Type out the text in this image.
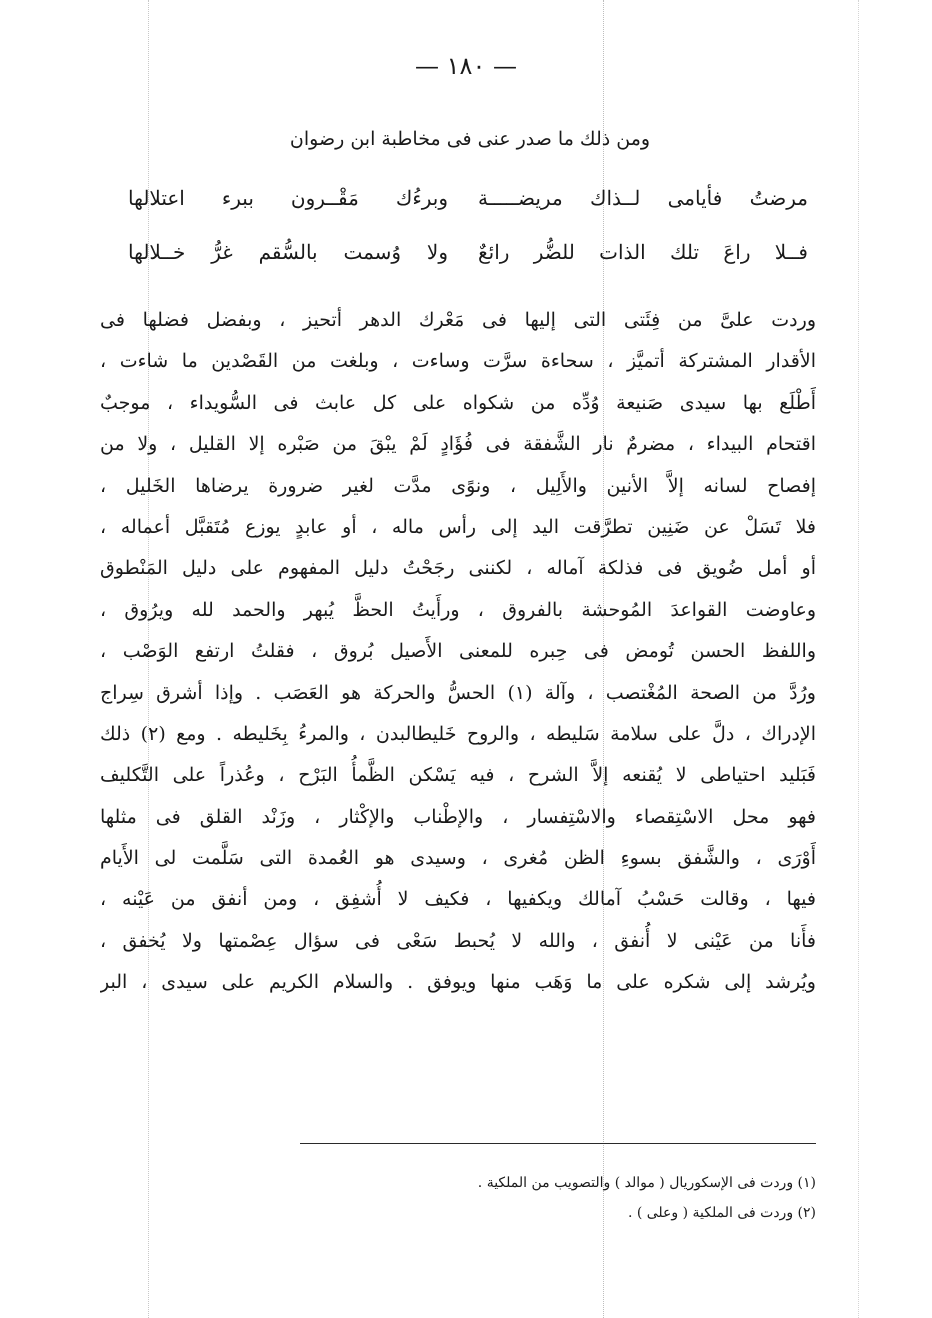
— ١٨٠ —
ومن ذلك ما صدر عنى فى مخاطبة ابن رضوان
مرضتُ فأيامى لــذاك مريضـــــة
وبرءُك مَقْــرون ببرء اعتلالها
فــلا راعَ تلك الذات للضُّر رائعٌ
ولا وُسمت بالسُّقم غرُّ خــلالها
وردت علىَّ من فِئَتى التى إليها فى مَعْرك الدهر أتحيز ، وبفضل فضلها فى
الأقدار المشتركة أتميَّز ، سحاءة سرَّت وساءت ، وبلغت من القَصْدين ما شاءت ،
أَطْلَع بها سيدى صَنيعة وُدِّه من شكواه على كل عابث فى السُّويداء ، موجبٌ
اقتحام البيداء ، مضرمٌ نار الشَّفقة فى فُؤَادٍ لَمْ يبْقَ من صَبْره إلا القليل ، ولا من
إفصاح لسانه إلاَّ الأنين والأَلِيل ، ونوًى مدَّت لغير ضرورة يرضاها الخَليل ،
فلا تَسَلْ عن ضَنِين تطرَّقت اليد إلى رأس ماله ، أو عابدٍ يوزع مُتَقبَّل أعماله ،
أو أمل ضُويق فى فذلكة آماله ، لكننى رجَحْتُ دليل المفهوم على دليل المَنْطوق
وعاوضت القواعدَ المُوحشة بالفروق ، ورأَيتُ الحظَّ يُبهر والحمد لله ويرُوق ،
واللفظ الحسن تُومض فى حِبره للمعنى الأَصيل بُروق ، فقلتُ ارتفع الوَصْب ،
ورُدَّ من الصحة المُغْتصب ، وآلة (١) الحسُّ والحركة هو العَصَب . وإذا أشرق سِراج
الإدراك ، دلَّ على سلامة سَليطه ، والروح خَليطالبدن ، والمرءُ بِخَليطه . ومع (٢) ذلك
فَبَليد احتياطى لا يُقنعه إلاَّ الشرح ، فيه يَسْكن الظَّمأُ البَرْح ، وعُذراً على التَّكليف
فهو محل الاسْتِقصاء والاسْتِفسار ، والإطْناب والإكْثار ، وزَنْد القلق فى مثلها
أَوْرَى ، والشَّفق بسوءِ الظن مُغرى ، وسيدى هو العُمدة التى سَلَّمت لى الأَيام
فيها ، وقالت حَسْبُ آمالك ويكفيها ، فكيف لا أُشفِق ، ومن أنفق من عَيْنه ،
فأَنا من عَيْنى لا أُنفق ، والله لا يُحبط سَعْى فى سؤال عِصْمتها ولا يُخفق ،
ويُرشد إلى شكره على ما وَهَب منها ويوفق . والسلام الكريم على سيدى ، البر
(١) وردت فى الإسكوريال ( موالد ) والتصويب من الملكية .
(٢) وردت فى الملكية ( وعلى ) .
